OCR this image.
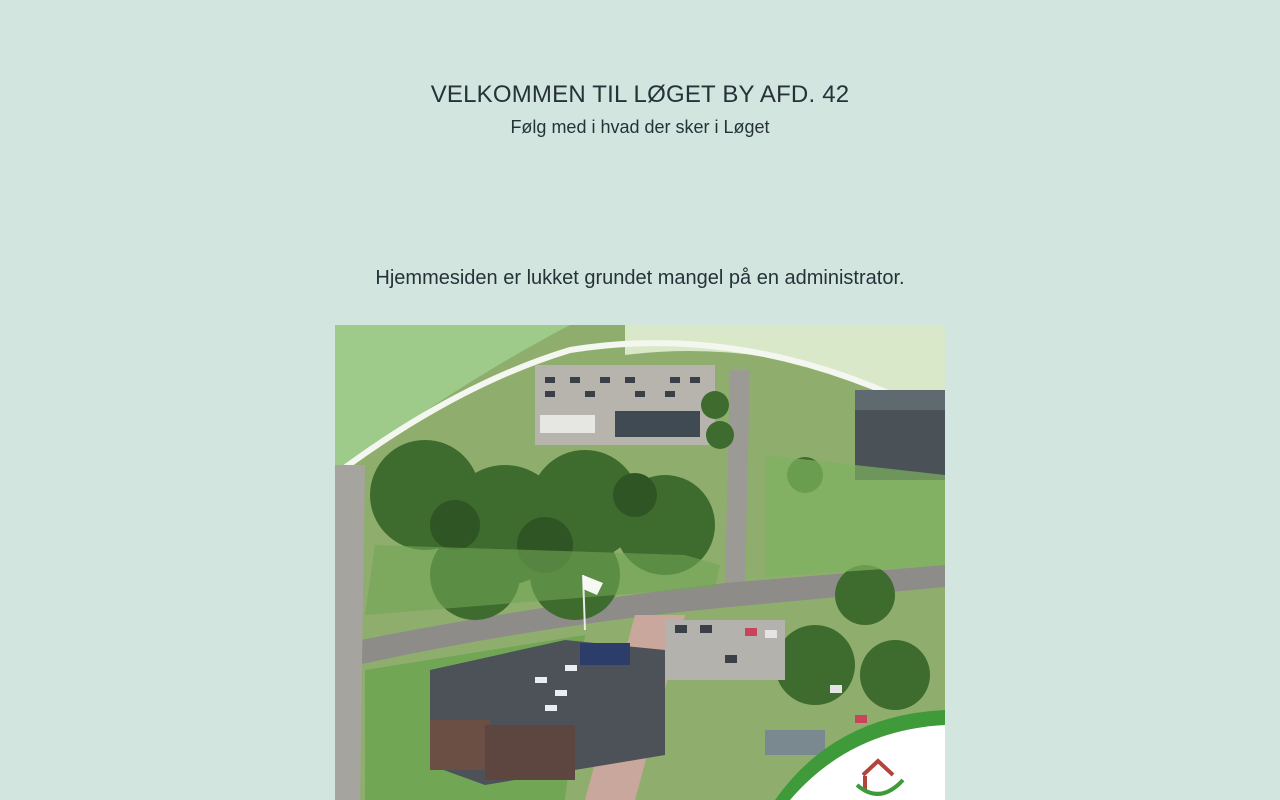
VELKOMMEN TIL LØGET BY AFD. 42

Følg med i hvad der sker i Løget

Hjemmesiden er lukket grundet mangel på en administrator.
